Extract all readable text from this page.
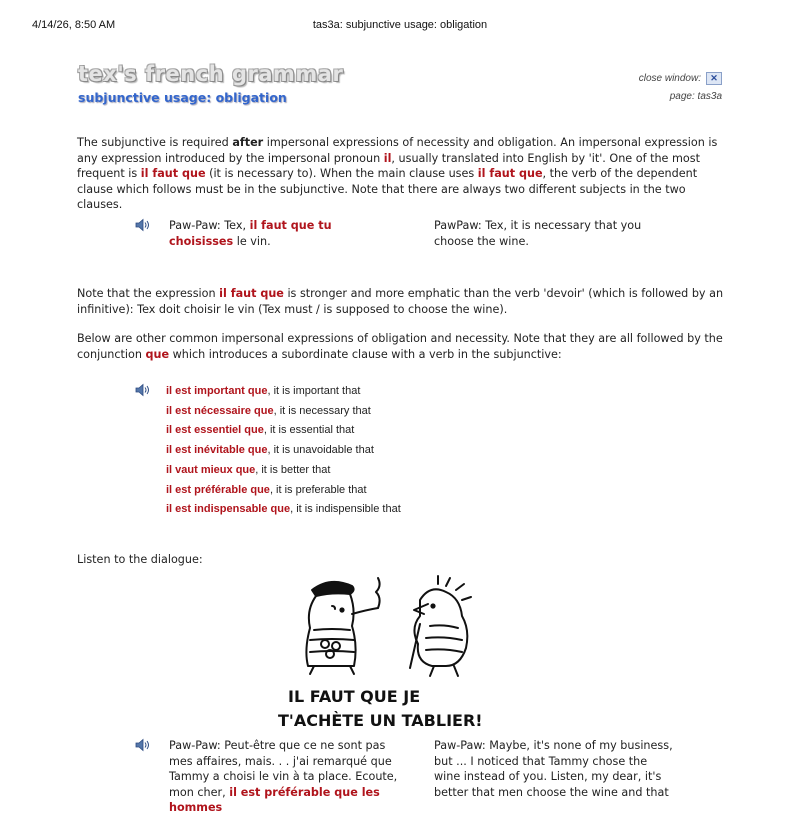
4/14/26, 8:50 AM	tas3a: subjunctive usage: obligation
tex's french grammar
subjunctive usage: obligation
close window:	✕
page: tas3a

The subjunctive is required after impersonal expressions of necessity and obligation. An impersonal expression is any expression introduced by the impersonal pronoun il, usually translated into English by 'it'. One of the most frequent is il faut que (it is necessary to). When the main clause uses il faut que, the verb of the dependent clause which follows must be in the subjunctive. Note that there are always two different subjects in the two clauses.

Paw-Paw: Tex, il faut que tu choisisses le vin.

PawPaw: Tex, it is necessary that you choose the wine.

Note that the expression il faut que is stronger and more emphatic than the verb 'devoir' (which is followed by an infinitive): Tex doit choisir le vin (Tex must / is supposed to choose the wine).

Below are other common impersonal expressions of obligation and necessity. Note that they are all followed by the conjunction que which introduces a subordinate clause with a verb in the subjunctive:

il est important que, it is important that
il est nécessaire que, it is necessary that
il est essentiel que, it is essential that
il est inévitable que, it is unavoidable that
il vaut mieux que, it is better that
il est préférable que, it is preferable that
il est indispensable que, it is indispensible that

Listen to the dialogue:

IL FAUT QUE JE
T'ACHÈTE UN TABLIER!

Paw-Paw: Peut-être que ce ne sont pas mes affaires, mais. . . j'ai remarqué que Tammy a choisi le vin à ta place. Ecoute, mon cher, il est préférable que les hommes

Paw-Paw: Maybe, it's none of my business, but ... I noticed that Tammy chose the wine instead of you. Listen, my dear, it's better that men choose the wine and that
